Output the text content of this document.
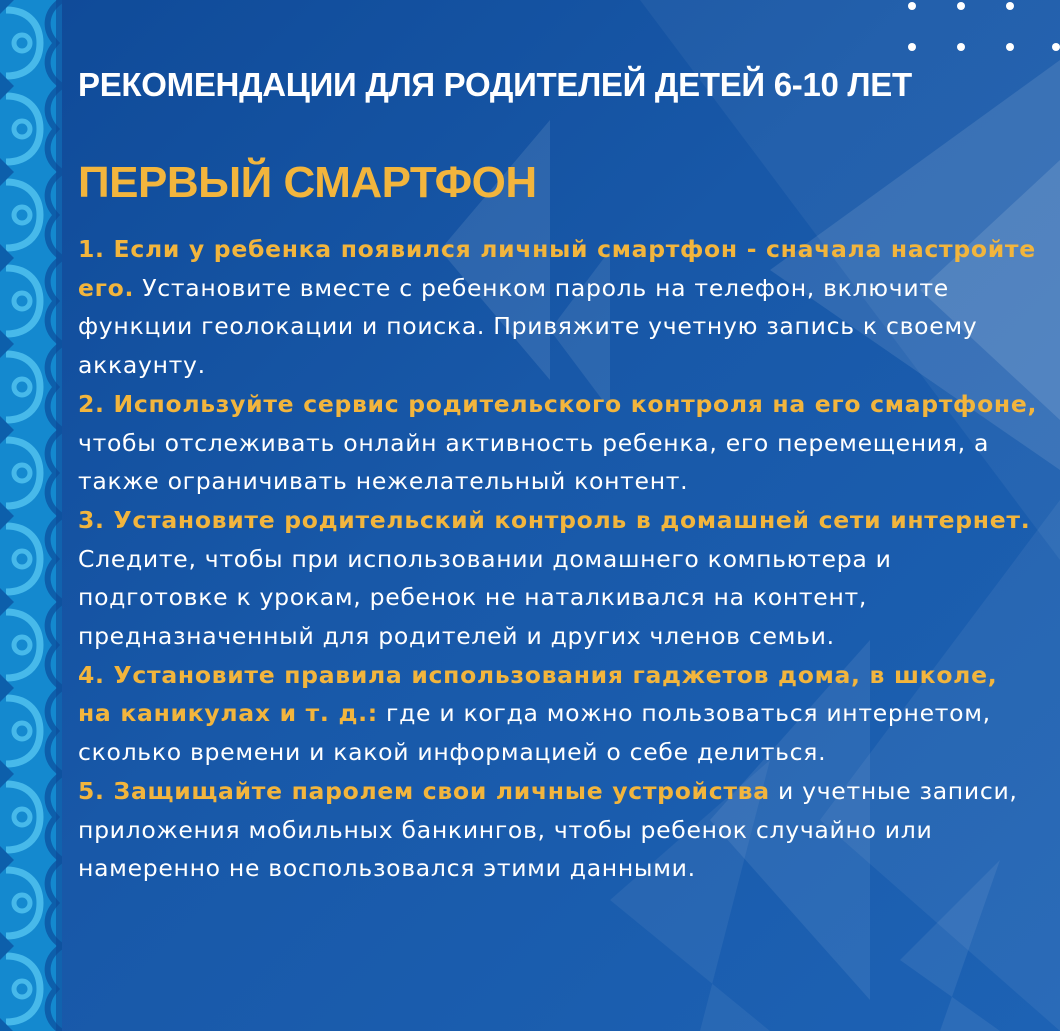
РЕКОМЕНДАЦИИ ДЛЯ РОДИТЕЛЕЙ ДЕТЕЙ 6-10 ЛЕТ
ПЕРВЫЙ СМАРТФОН

1. Если у ребенка появился личный смартфон - сначала настройте его. Установите вместе с ребенком пароль на телефон, включите функции геолокации и поиска. Привяжите учетную запись к своему аккаунту.

2. Используйте сервис родительского контроля на его смартфоне, чтобы отслеживать онлайн активность ребенка, его перемещения, а также ограничивать нежелательный контент.

3. Установите родительский контроль в домашней сети интернет. Следите, чтобы при использовании домашнего компьютера и подготовке к урокам, ребенок не наталкивался на контент, предназначенный для родителей и других членов семьи.

4. Установите правила использования гаджетов дома, в школе, на каникулах и т. д.: где и когда можно пользоваться интернетом, сколько времени и какой информацией о себе делиться.

5. Защищайте паролем свои личные устройства и учетные записи, приложения мобильных банкингов, чтобы ребенок случайно или намеренно не воспользовался этими данными.
